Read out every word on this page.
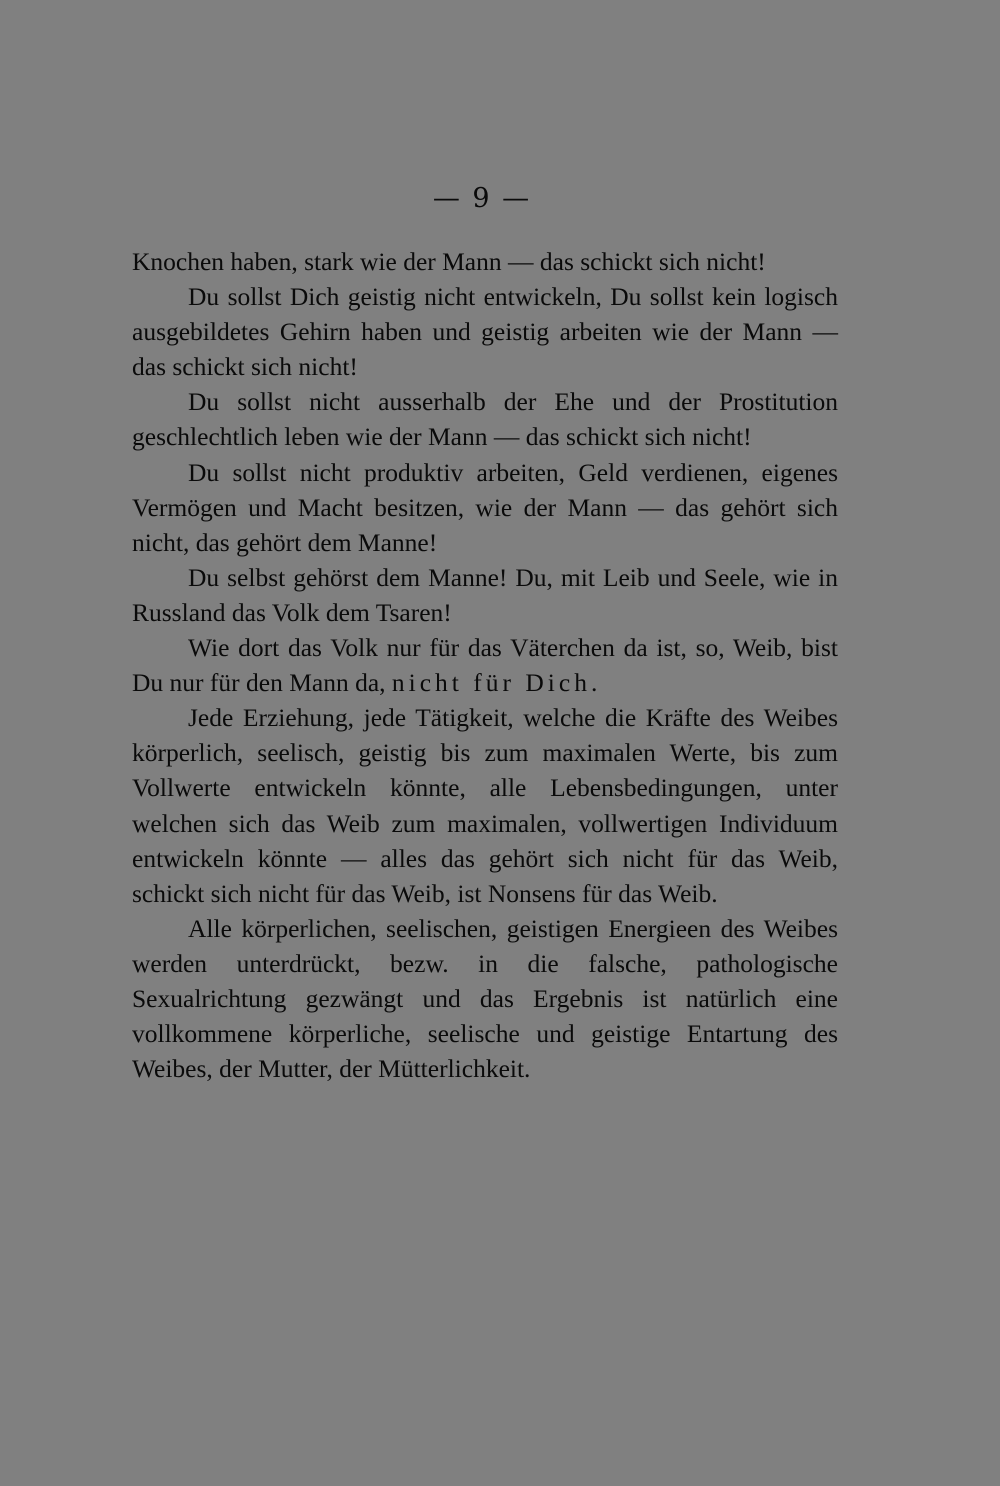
— 9 —

Knochen haben, stark wie der Mann — das schickt sich nicht!

Du sollst Dich geistig nicht entwickeln, Du sollst kein logisch ausgebildetes Gehirn haben und geistig arbeiten wie der Mann — das schickt sich nicht!

Du sollst nicht ausserhalb der Ehe und der Prostitution geschlechtlich leben wie der Mann — das schickt sich nicht!

Du sollst nicht produktiv arbeiten, Geld verdienen, eigenes Vermögen und Macht besitzen, wie der Mann — das gehört sich nicht, das gehört dem Manne!

Du selbst gehörst dem Manne! Du, mit Leib und Seele, wie in Russland das Volk dem Tsaren!

Wie dort das Volk nur für das Väterchen da ist, so, Weib, bist Du nur für den Mann da, nicht für Dich.

Jede Erziehung, jede Tätigkeit, welche die Kräfte des Weibes körperlich, seelisch, geistig bis zum maximalen Werte, bis zum Vollwerte entwickeln könnte, alle Lebensbedingungen, unter welchen sich das Weib zum maximalen, vollwertigen Individuum entwickeln könnte — alles das gehört sich nicht für das Weib, schickt sich nicht für das Weib, ist Nonsens für das Weib.

Alle körperlichen, seelischen, geistigen Energieen des Weibes werden unterdrückt, bezw. in die falsche, pathologische Sexualrichtung gezwängt und das Ergebnis ist natürlich eine vollkommene körperliche, seelische und geistige Entartung des Weibes, der Mutter, der Mütterlichkeit.
